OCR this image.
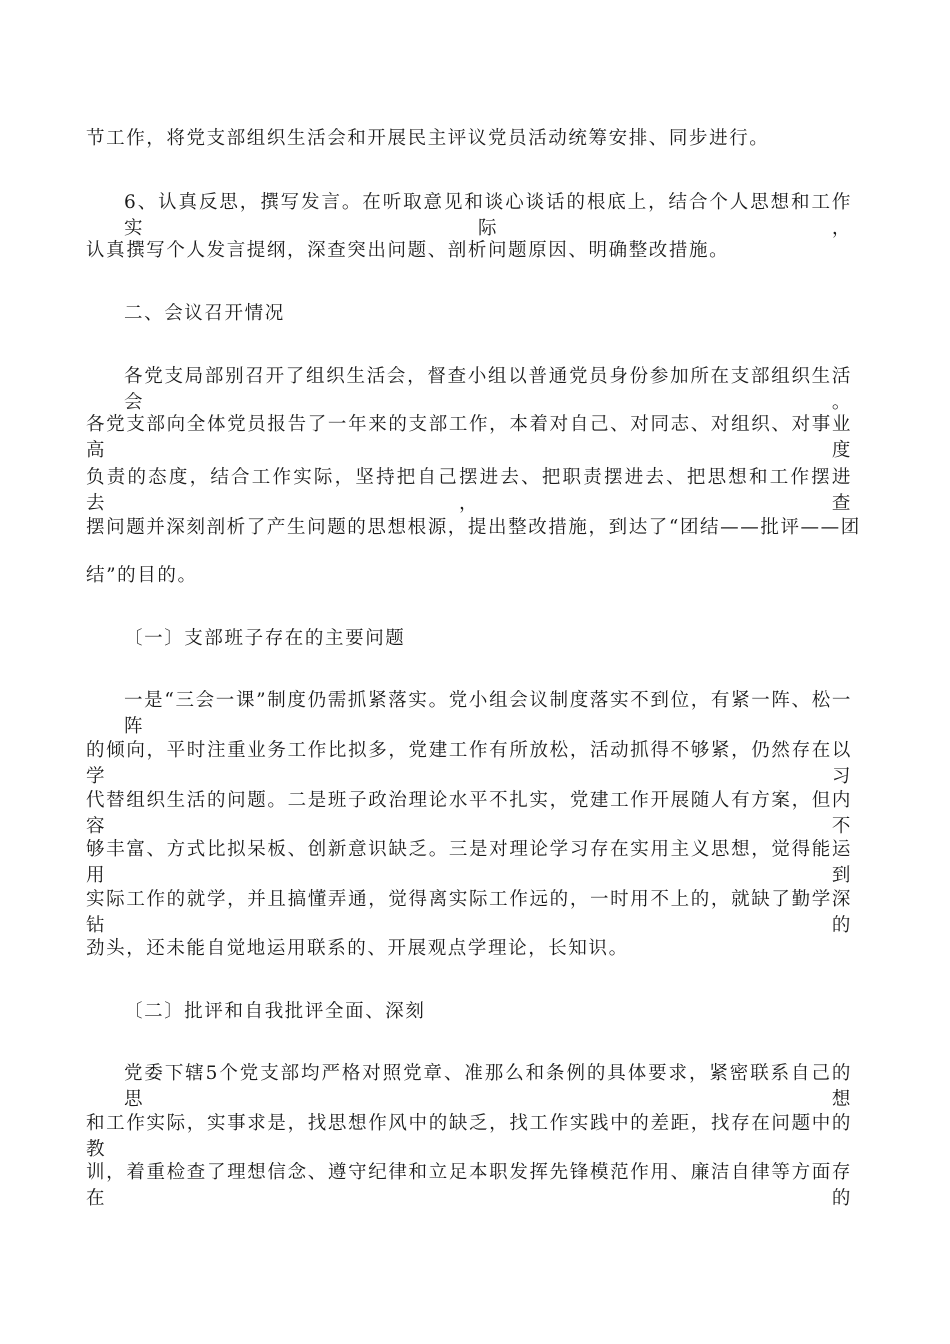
节工作，将党支部组织生活会和开展民主评议党员活动统筹安排、同步进行。
6、认真反思，撰写发言。在听取意见和谈心谈话的根底上，结合个人思想和工作实际，
认真撰写个人发言提纲，深查突出问题、剖析问题原因、明确整改措施。
二、会议召开情况
各党支局部别召开了组织生活会，督查小组以普通党员身份参加所在支部组织生活会。
各党支部向全体党员报告了一年来的支部工作，本着对自己、对同志、对组织、对事业高度
负责的态度，结合工作实际，坚持把自己摆进去、把职责摆进去、把思想和工作摆进去，查
摆问题并深刻剖析了产生问题的思想根源，提出整改措施，到达了“团结——批评——团
结”的目的。
〔一〕支部班子存在的主要问题
一是“三会一课”制度仍需抓紧落实。党小组会议制度落实不到位，有紧一阵、松一阵
的倾向，平时注重业务工作比拟多，党建工作有所放松，活动抓得不够紧，仍然存在以学习
代替组织生活的问题。二是班子政治理论水平不扎实，党建工作开展随人有方案，但内容不
够丰富、方式比拟呆板、创新意识缺乏。三是对理论学习存在实用主义思想，觉得能运用到
实际工作的就学，并且搞懂弄通，觉得离实际工作远的，一时用不上的，就缺了勤学深钻的
劲头，还未能自觉地运用联系的、开展观点学理论，长知识。
〔二〕批评和自我批评全面、深刻
党委下辖5个党支部均严格对照党章、准那么和条例的具体要求，紧密联系自己的思想
和工作实际，实事求是，找思想作风中的缺乏，找工作实践中的差距，找存在问题中的教
训，着重检查了理想信念、遵守纪律和立足本职发挥先锋模范作用、廉洁自律等方面存在的
